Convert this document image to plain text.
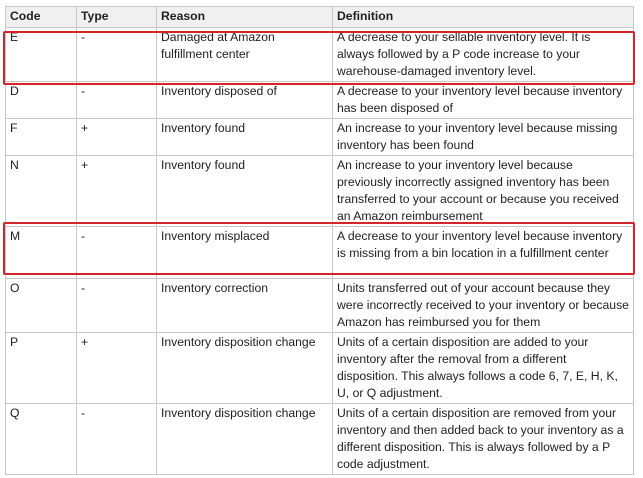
Code	Type	Reason	Definition
E	-	Damaged at Amazon fulfillment center	A decrease to your sellable inventory level. It is always followed by a P code increase to your warehouse-damaged inventory level.
D	-	Inventory disposed of	A decrease to your inventory level because inventory has been disposed of
F	+	Inventory found	An increase to your inventory level because missing inventory has been found
N	+	Inventory found	An increase to your inventory level because previously incorrectly assigned inventory has been transferred to your account or because you received an Amazon reimbursement
M	-	Inventory misplaced	A decrease to your inventory level because inventory is missing from a bin location in a fulfillment center
O	-	Inventory correction	Units transferred out of your account because they were incorrectly received to your inventory or because Amazon has reimbursed you for them
P	+	Inventory disposition change	Units of a certain disposition are added to your inventory after the removal from a different disposition. This always follows a code 6, 7, E, H, K, U, or Q adjustment.
Q	-	Inventory disposition change	Units of a certain disposition are removed from your inventory and then added back to your inventory as a different disposition. This is always followed by a P code adjustment.
